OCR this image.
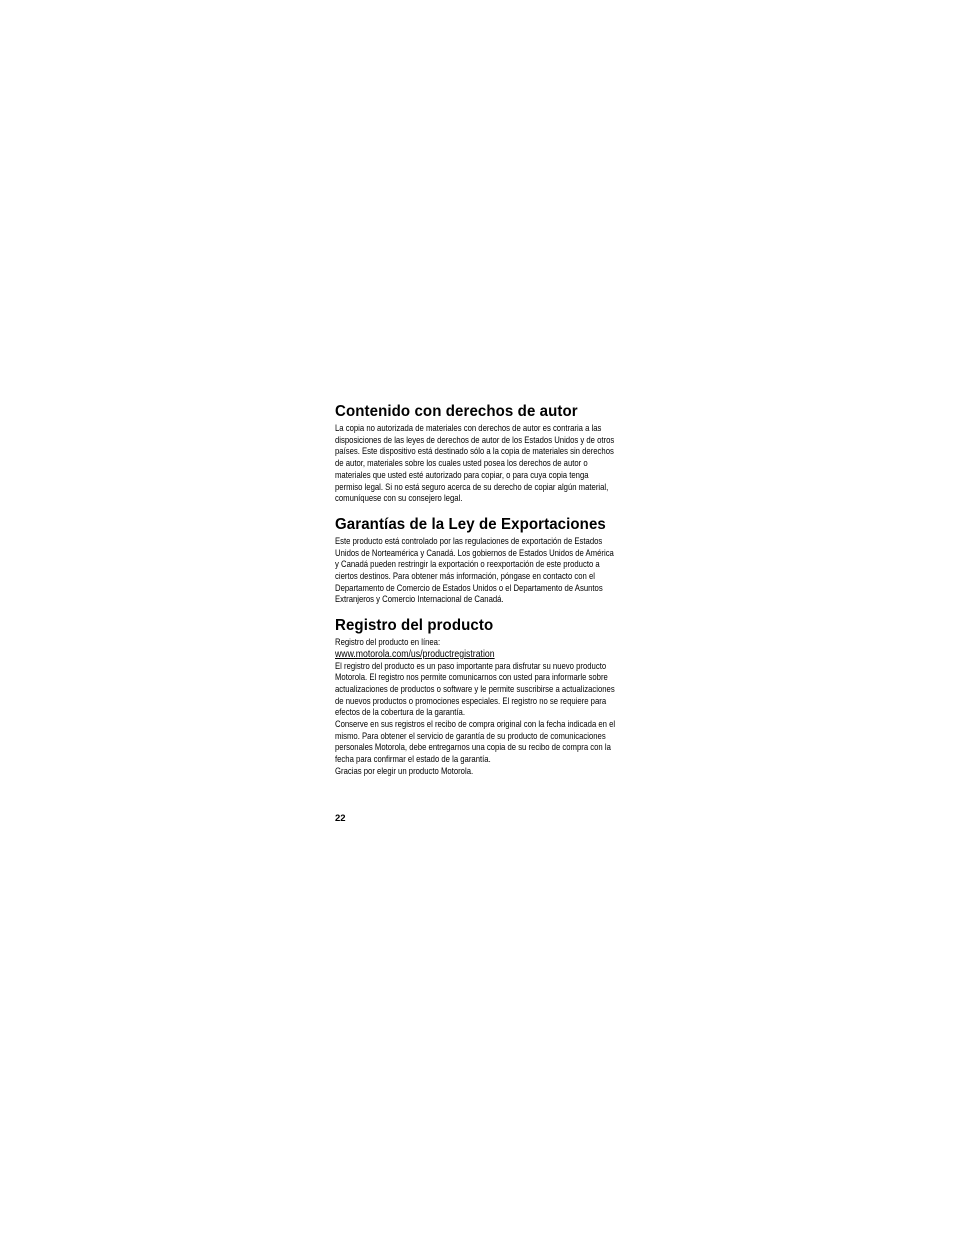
Contenido con derechos de autor

La copia no autorizada de materiales con derechos de autor es contraria a las disposiciones de las leyes de derechos de autor de los Estados Unidos y de otros países. Este dispositivo está destinado sólo a la copia de materiales sin derechos de autor, materiales sobre los cuales usted posea los derechos de autor o materiales que usted esté autorizado para copiar, o para cuya copia tenga permiso legal. Si no está seguro acerca de su derecho de copiar algún material, comuníquese con su consejero legal.

Garantías de la Ley de Exportaciones

Este producto está controlado por las regulaciones de exportación de Estados Unidos de Norteamérica y Canadá. Los gobiernos de Estados Unidos de América y Canadá pueden restringir la exportación o reexportación de este producto a ciertos destinos. Para obtener más información, póngase en contacto con el Departamento de Comercio de Estados Unidos o el Departamento de Asuntos Extranjeros y Comercio Internacional de Canadá.

Registro del producto

Registro del producto en línea:

www.motorola.com/us/productregistration

El registro del producto es un paso importante para disfrutar su nuevo producto Motorola. El registro nos permite comunicarnos con usted para informarle sobre actualizaciones de productos o software y le permite suscribirse a actualizaciones de nuevos productos o promociones especiales. El registro no se requiere para efectos de la cobertura de la garantía.

Conserve en sus registros el recibo de compra original con la fecha indicada en el mismo. Para obtener el servicio de garantía de su producto de comunicaciones personales Motorola, debe entregarnos una copia de su recibo de compra con la fecha para confirmar el estado de la garantía.

Gracias por elegir un producto Motorola.

22
